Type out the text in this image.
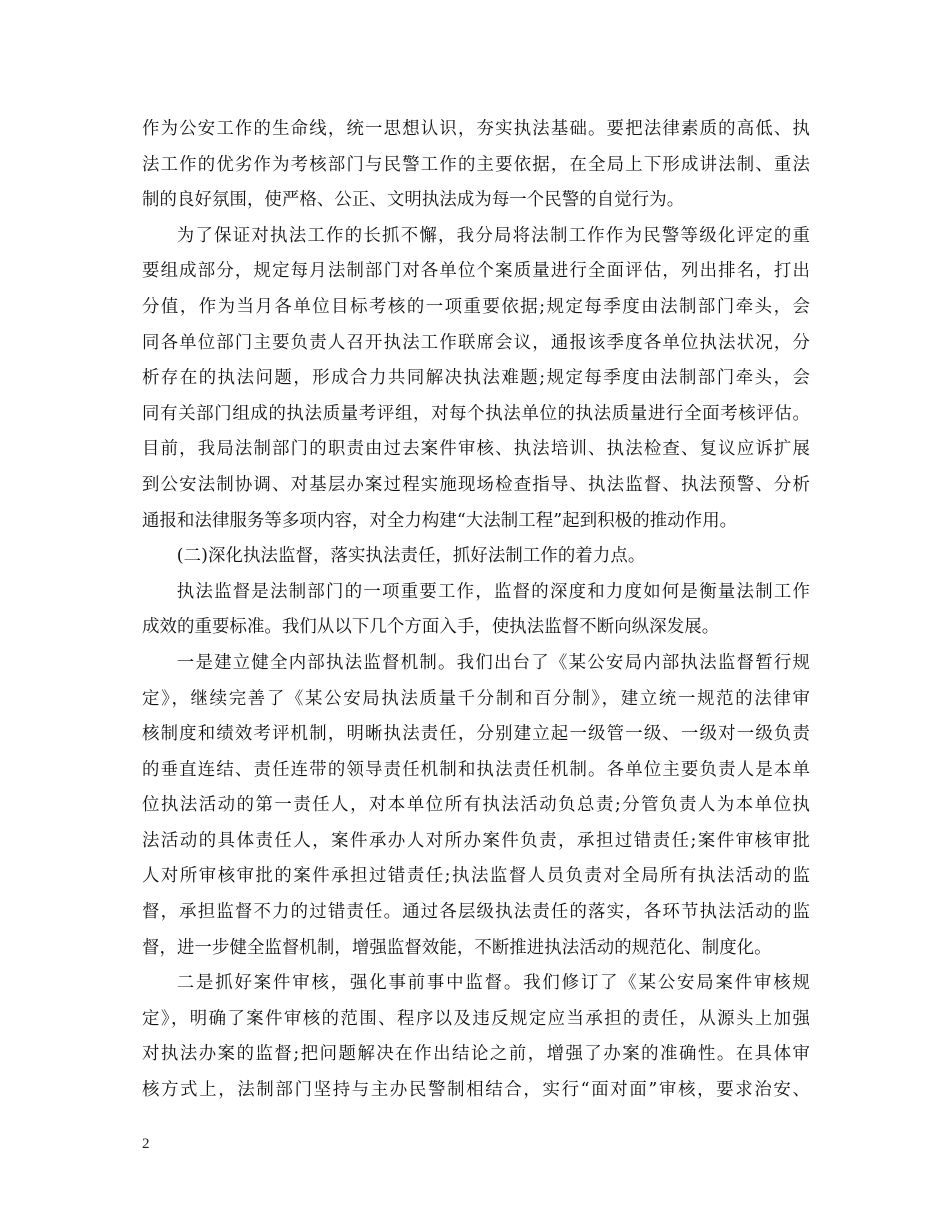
作为公安工作的生命线，统一思想认识，夯实执法基础。要把法律素质的高低、执
法工作的优劣作为考核部门与民警工作的主要依据，在全局上下形成讲法制、重法
制的良好氛围，使严格、公正、文明执法成为每一个民警的自觉行为。
为了保证对执法工作的长抓不懈，我分局将法制工作作为民警等级化评定的重
要组成部分，规定每月法制部门对各单位个案质量进行全面评估，列出排名，打出
分值，作为当月各单位目标考核的一项重要依据;规定每季度由法制部门牵头，会
同各单位部门主要负责人召开执法工作联席会议，通报该季度各单位执法状况，分
析存在的执法问题，形成合力共同解决执法难题;规定每季度由法制部门牵头，会
同有关部门组成的执法质量考评组，对每个执法单位的执法质量进行全面考核评估。
目前，我局法制部门的职责由过去案件审核、执法培训、执法检查、复议应诉扩展
到公安法制协调、对基层办案过程实施现场检查指导、执法监督、执法预警、分析
通报和法律服务等多项内容，对全力构建“大法制工程”起到积极的推动作用。
(二)深化执法监督，落实执法责任，抓好法制工作的着力点。
执法监督是法制部门的一项重要工作，监督的深度和力度如何是衡量法制工作
成效的重要标准。我们从以下几个方面入手，使执法监督不断向纵深发展。
一是建立健全内部执法监督机制。我们出台了《某公安局内部执法监督暂行规
定》，继续完善了《某公安局执法质量千分制和百分制》，建立统一规范的法律审
核制度和绩效考评机制，明晰执法责任，分别建立起一级管一级、一级对一级负责
的垂直连结、责任连带的领导责任机制和执法责任机制。各单位主要负责人是本单
位执法活动的第一责任人，对本单位所有执法活动负总责;分管负责人为本单位执
法活动的具体责任人，案件承办人对所办案件负责，承担过错责任;案件审核审批
人对所审核审批的案件承担过错责任;执法监督人员负责对全局所有执法活动的监
督，承担监督不力的过错责任。通过各层级执法责任的落实，各环节执法活动的监
督，进一步健全监督机制，增强监督效能，不断推进执法活动的规范化、制度化。
二是抓好案件审核，强化事前事中监督。我们修订了《某公安局案件审核规
定》，明确了案件审核的范围、程序以及违反规定应当承担的责任，从源头上加强
对执法办案的监督;把问题解决在作出结论之前，增强了办案的准确性。在具体审
核方式上，法制部门坚持与主办民警制相结合，实行“面对面”审核，要求治安、
2
